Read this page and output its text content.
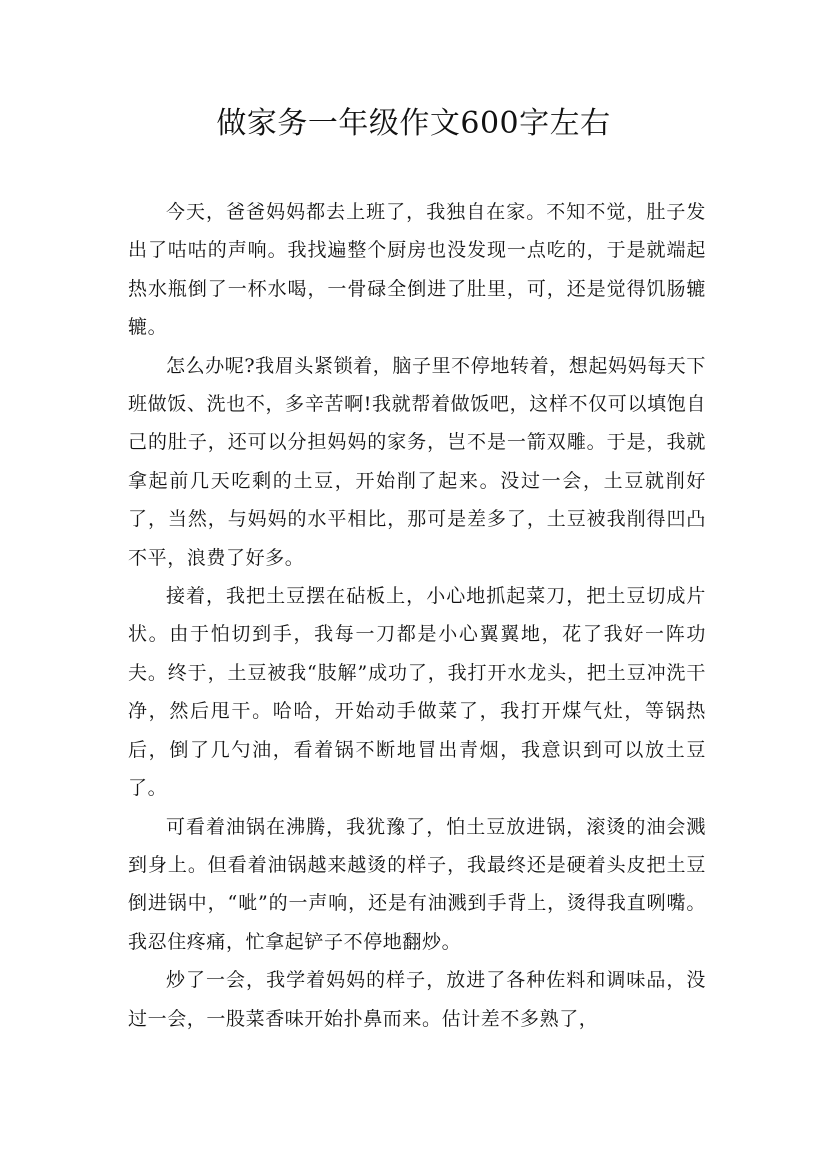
做家务一年级作文600字左右

今天，爸爸妈妈都去上班了，我独自在家。不知不觉，肚子发出了咕咕的声响。我找遍整个厨房也没发现一点吃的，于是就端起热水瓶倒了一杯水喝，一骨碌全倒进了肚里，可，还是觉得饥肠辘辘。

怎么办呢?我眉头紧锁着，脑子里不停地转着，想起妈妈每天下班做饭、洗也不，多辛苦啊!我就帮着做饭吧，这样不仅可以填饱自己的肚子，还可以分担妈妈的家务，岂不是一箭双雕。于是，我就拿起前几天吃剩的土豆，开始削了起来。没过一会，土豆就削好了，当然，与妈妈的水平相比，那可是差多了，土豆被我削得凹凸不平，浪费了好多。

接着，我把土豆摆在砧板上，小心地抓起菜刀，把土豆切成片状。由于怕切到手，我每一刀都是小心翼翼地，花了我好一阵功夫。终于，土豆被我“肢解”成功了，我打开水龙头，把土豆冲洗干净，然后甩干。哈哈，开始动手做菜了，我打开煤气灶，等锅热后，倒了几勺油，看着锅不断地冒出青烟，我意识到可以放土豆了。

可看着油锅在沸腾，我犹豫了，怕土豆放进锅，滚烫的油会溅到身上。但看着油锅越来越烫的样子，我最终还是硬着头皮把土豆倒进锅中，“呲”的一声响，还是有油溅到手背上，烫得我直咧嘴。我忍住疼痛，忙拿起铲子不停地翻炒。

炒了一会，我学着妈妈的样子，放进了各种佐料和调味品，没过一会，一股菜香味开始扑鼻而来。估计差不多熟了，
